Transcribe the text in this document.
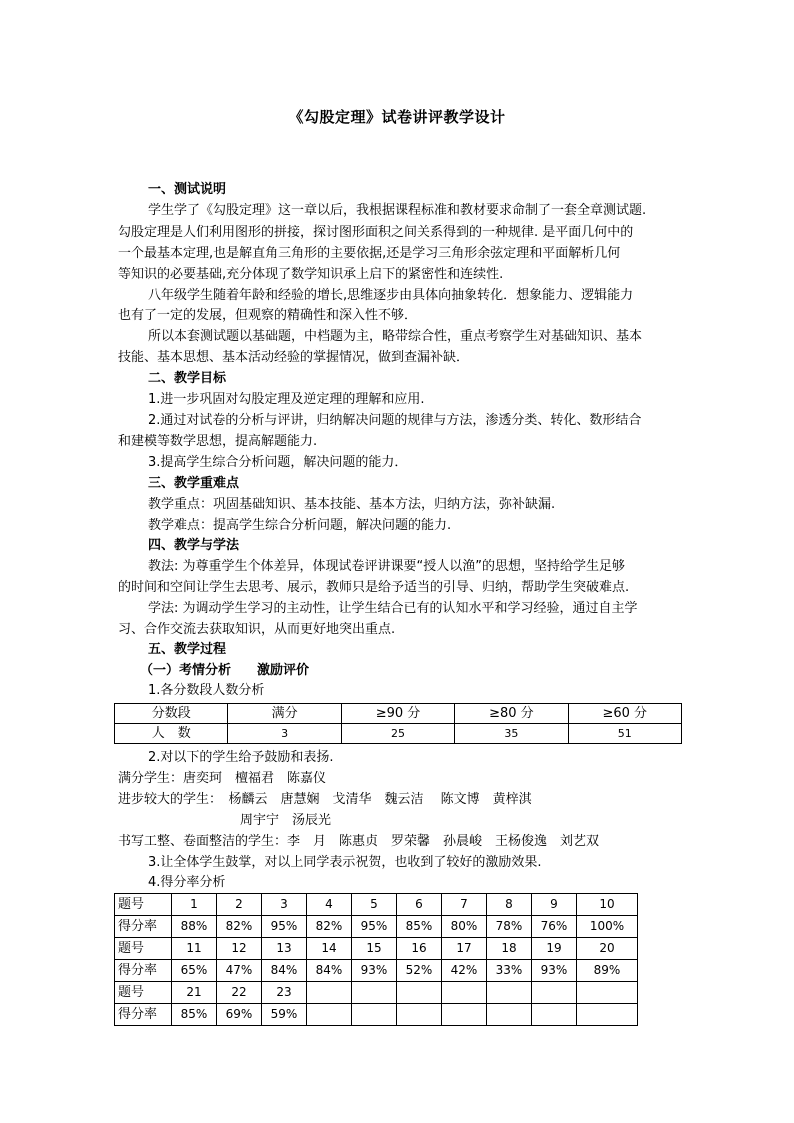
《勾股定理》试卷讲评教学设计
一、测试说明
学生学了《勾股定理》这一章以后，我根据课程标准和教材要求命制了一套全章测试题.
勾股定理是人们利用图形的拼接，探讨图形面积之间关系得到的一种规律. 是平面几何中的
一个最基本定理,也是解直角三角形的主要依据,还是学习三角形余弦定理和平面解析几何
等知识的必要基础,充分体现了数学知识承上启下的紧密性和连续性.
八年级学生随着年龄和经验的增长,思维逐步由具体向抽象转化．想象能力、逻辑能力
也有了一定的发展，但观察的精确性和深入性不够．
所以本套测试题以基础题，中档题为主，略带综合性，重点考察学生对基础知识、基本
技能、基本思想、基本活动经验的掌握情况，做到查漏补缺．
二、教学目标
1.进一步巩固对勾股定理及逆定理的理解和应用.
2.通过对试卷的分析与评讲，归纳解决问题的规律与方法，渗透分类、转化、数形结合
和建模等数学思想，提高解题能力.
3.提高学生综合分析问题，解决问题的能力．
三、教学重难点
教学重点：巩固基础知识、基本技能、基本方法，归纳方法，弥补缺漏.
教学难点：提高学生综合分析问题，解决问题的能力.
四、教学与学法
教法: 为尊重学生个体差异，体现试卷评讲课要“授人以渔”的思想，坚持给学生足够
的时间和空间让学生去思考、展示，教师只是给予适当的引导、归纳，帮助学生突破难点.
学法: 为调动学生学习的主动性，让学生结合已有的认知水平和学习经验，通过自主学
习、合作交流去获取知识，从而更好地突出重点.
五、教学过程
（一）考情分析　　激励评价
1.各分数段人数分析
分数段	满分	≥90 分	≥80 分	≥60 分
人　数	3	25	35	51
2.对以下的学生给予鼓励和表扬.
满分学生：唐奕珂　檀福君　陈嘉仪
进步较大的学生：　杨麟云　唐慧娴　戈清华　魏云洁　 陈文博　黄梓淇
周宇宁　汤辰光
书写工整、卷面整洁的学生：李　月　陈惠贞　罗荣馨　孙晨峻　王杨俊逸　刘艺双
3.让全体学生鼓掌，对以上同学表示祝贺，也收到了较好的激励效果.
4.得分率分析
题号	1	2	3	4	5	6	7	8	9	10
得分率	88%	82%	95%	82%	95%	85%	80%	78%	76%	100%
题号	11	12	13	14	15	16	17	18	19	20
得分率	65%	47%	84%	84%	93%	52%	42%	33%	93%	89%
题号	21	22	23							
得分率	85%	69%	59%							
